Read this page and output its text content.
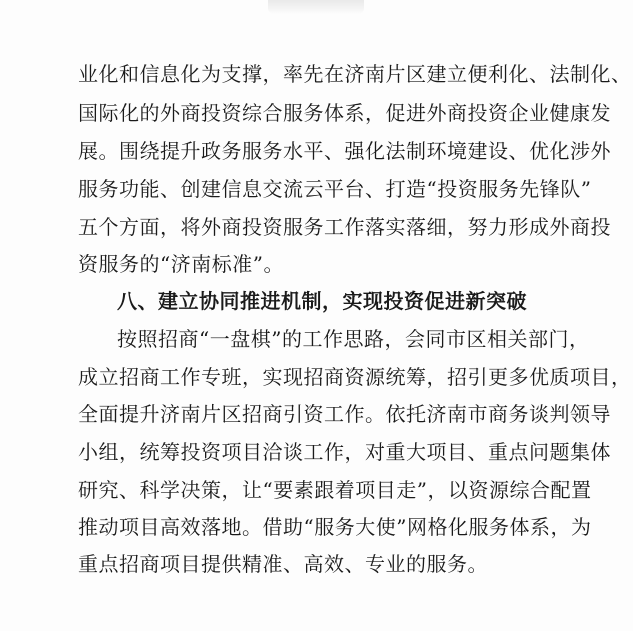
业化和信息化为支撑，率先在济南片区建立便利化、法制化、
国际化的外商投资综合服务体系，促进外商投资企业健康发
展。围绕提升政务服务水平、强化法制环境建设、优化涉外
服务功能、创建信息交流云平台、打造“投资服务先锋队”
五个方面，将外商投资服务工作落实落细，努力形成外商投
资服务的“济南标准”。
八、建立协同推进机制，实现投资促进新突破
按照招商“一盘棋”的工作思路，会同市区相关部门，
成立招商工作专班，实现招商资源统筹，招引更多优质项目，
全面提升济南片区招商引资工作。依托济南市商务谈判领导
小组，统筹投资项目洽谈工作，对重大项目、重点问题集体
研究、科学决策，让“要素跟着项目走”，以资源综合配置
推动项目高效落地。借助“服务大使”网格化服务体系，为
重点招商项目提供精准、高效、专业的服务。
